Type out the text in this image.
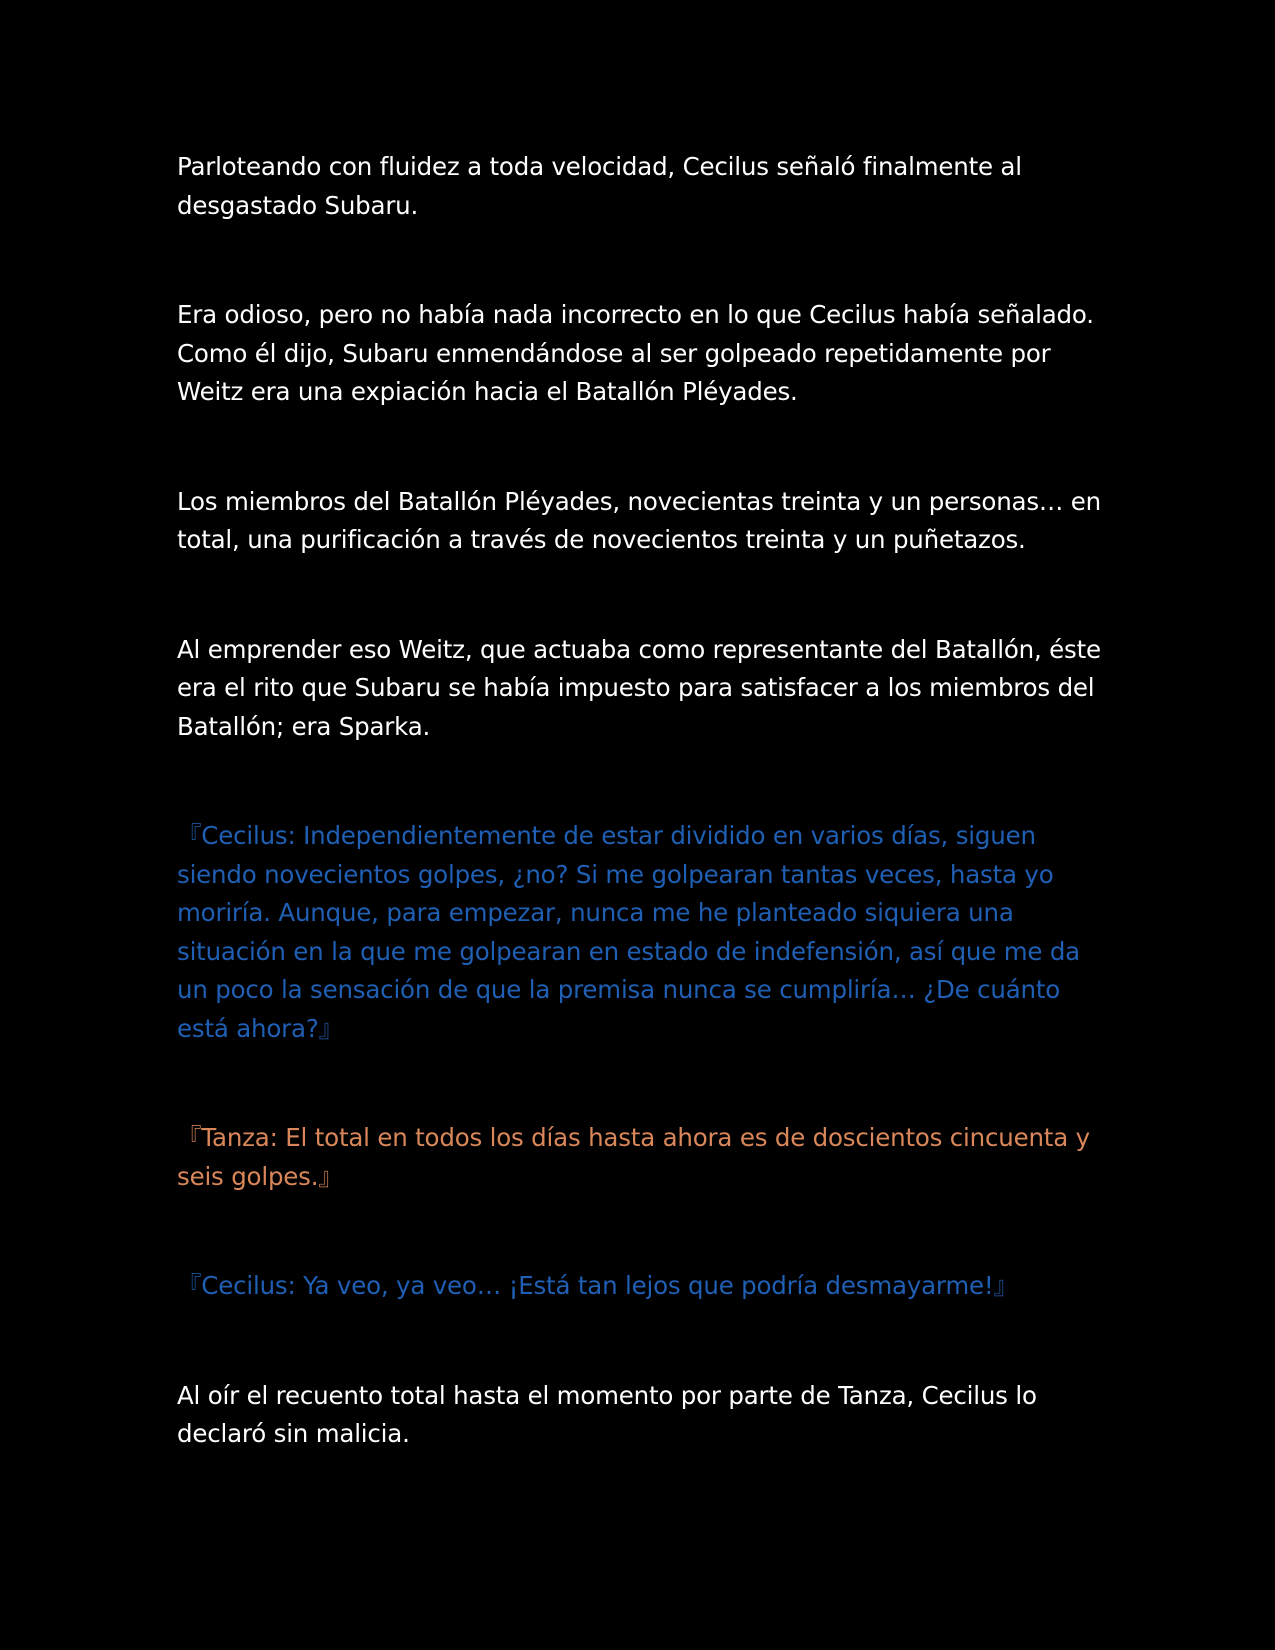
Parloteando con fluidez a toda velocidad, Cecilus señaló finalmente al desgastado Subaru.

Era odioso, pero no había nada incorrecto en lo que Cecilus había señalado. Como él dijo, Subaru enmendándose al ser golpeado repetidamente por Weitz era una expiación hacia el Batallón Pléyades.

Los miembros del Batallón Pléyades, novecientas treinta y un personas… en total, una purificación a través de novecientos treinta y un puñetazos.

Al emprender eso Weitz, que actuaba como representante del Batallón, éste era el rito que Subaru se había impuesto para satisfacer a los miembros del Batallón; era Sparka.

『Cecilus: Independientemente de estar dividido en varios días, siguen siendo novecientos golpes, ¿no? Si me golpearan tantas veces, hasta yo moriría. Aunque, para empezar, nunca me he planteado siquiera una situación en la que me golpearan en estado de indefensión, así que me da un poco la sensación de que la premisa nunca se cumpliría… ¿De cuánto está ahora?』

『Tanza: El total en todos los días hasta ahora es de doscientos cincuenta y seis golpes.』

『Cecilus: Ya veo, ya veo… ¡Está tan lejos que podría desmayarme!』

Al oír el recuento total hasta el momento por parte de Tanza, Cecilus lo declaró sin malicia.
